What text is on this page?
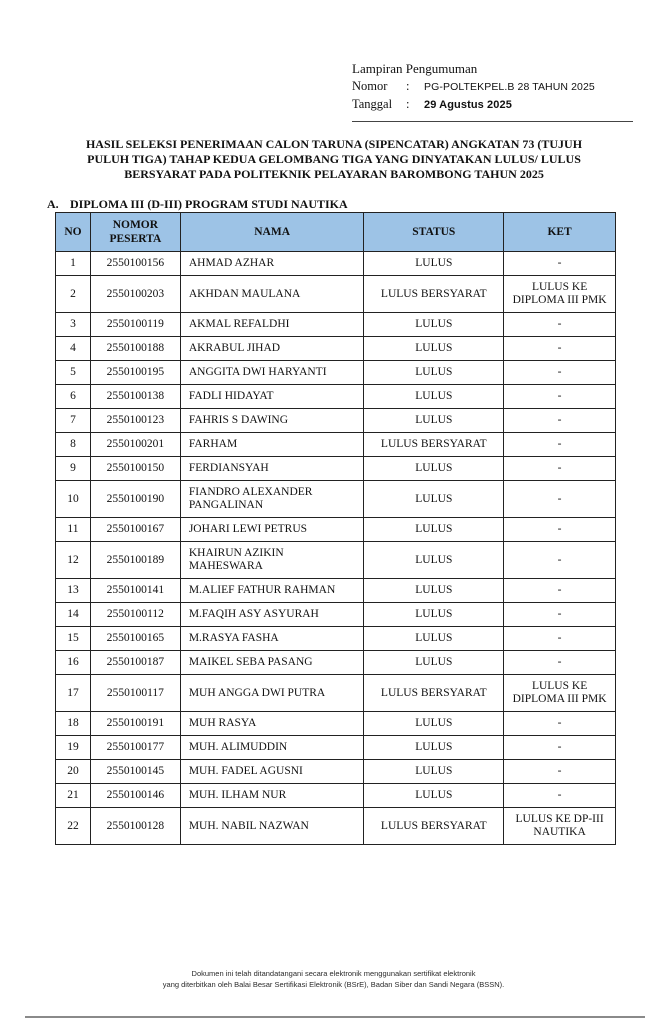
Lampiran Pengumuman
Nomor	:	PG-POLTEKPEL.B 28 TAHUN 2025
Tanggal	:	29 Agustus 2025
HASIL SELEKSI PENERIMAAN CALON TARUNA (SIPENCATAR) ANGKATAN 73 (TUJUH PULUH TIGA) TAHAP KEDUA GELOMBANG TIGA YANG DINYATAKAN LULUS/ LULUS BERSYARAT PADA POLITEKNIK PELAYARAN BAROMBONG TAHUN 2025
A. DIPLOMA III (D-III) PROGRAM STUDI NAUTIKA
NO	NOMOR PESERTA	NAMA	STATUS	KET
1	2550100156	AHMAD AZHAR	LULUS	-
2	2550100203	AKHDAN MAULANA	LULUS BERSYARAT	LULUS KE DIPLOMA III PMK
3	2550100119	AKMAL REFALDHI	LULUS	-
4	2550100188	AKRABUL JIHAD	LULUS	-
5	2550100195	ANGGITA DWI HARYANTI	LULUS	-
6	2550100138	FADLI HIDAYAT	LULUS	-
7	2550100123	FAHRIS S DAWING	LULUS	-
8	2550100201	FARHAM	LULUS BERSYARAT	-
9	2550100150	FERDIANSYAH	LULUS	-
10	2550100190	FIANDRO ALEXANDER PANGALINAN	LULUS	-
11	2550100167	JOHARI LEWI PETRUS	LULUS	-
12	2550100189	KHAIRUN AZIKIN MAHESWARA	LULUS	-
13	2550100141	M.ALIEF FATHUR RAHMAN	LULUS	-
14	2550100112	M.FAQIH ASY ASYURAH	LULUS	-
15	2550100165	M.RASYA FASHA	LULUS	-
16	2550100187	MAIKEL SEBA PASANG	LULUS	-
17	2550100117	MUH ANGGA DWI PUTRA	LULUS BERSYARAT	LULUS KE DIPLOMA III PMK
18	2550100191	MUH RASYA	LULUS	-
19	2550100177	MUH. ALIMUDDIN	LULUS	-
20	2550100145	MUH. FADEL AGUSNI	LULUS	-
21	2550100146	MUH. ILHAM NUR	LULUS	-
22	2550100128	MUH. NABIL NAZWAN	LULUS BERSYARAT	LULUS KE DP-III NAUTIKA
Dokumen ini telah ditandatangani secara elektronik menggunakan sertifikat elektronik
yang diterbitkan oleh Balai Besar Sertifikasi Elektronik (BSrE), Badan Siber dan Sandi Negara (BSSN).
